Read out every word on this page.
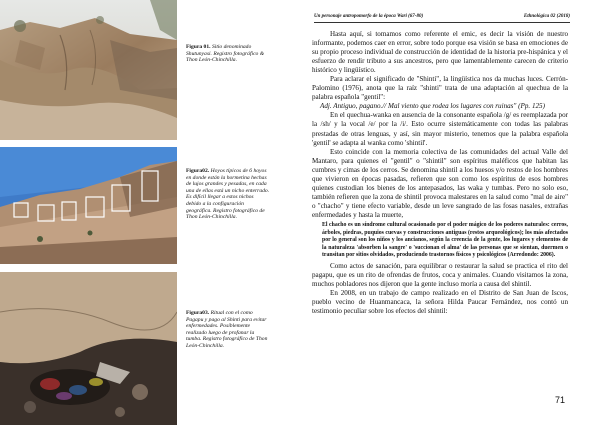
Un personaje antropomorfo de la época Wari (67-80)	Ethnológica 02 (2018)
Figura 01. Sitio denominado Shutunyasi. Registro fotográfico & Thon León-Chinchilla.
Figura02. Hoyos típicos de 6 hoyos en donde están la hormetina hechas de lujos grandes y pesadas, en cada una de ellas está un nicho enterrado. Es difícil llegar a estos nichos debido a la configuración geográfica. Registro fotográfico de Thon León-Chinchilla.
Figura03. Ritual con el como Pagapu y pago al Shinti para evitar enfermedades. Posiblemente realizado luego de profanar la tumba. Registro fotográfico de Thon León-Chinchilla.

Hasta aquí, si tomamos como referente el emic, es decir la visión de nuestro informante, podemos caer en error, sobre todo porque esa visión se basa en emociones de su propio proceso individual de construcción de identidad de la historia pre-hispánica y el esfuerzo de rendir tributo a sus ancestros, pero que lamentablemente carecen de criterio histórico y lingüístico.

Para aclarar el significado de "Shinti", la lingüística nos da muchas luces. Cerrón-Palomino (1976), anota que la raíz "shinti" trata de una adaptación al quechua de la palabra española "gentil":

Adj. Antiguo, pagano.// Mal viento que rodea los lugares con ruinas" (Pp. 125)

En el quechua-wanka en ausencia de la consonante española /g/ es reemplazada por la /sh/ y la vocal /e/ por la /i/. Esto ocurre sistemáticamente con todas las palabras prestadas de otras lenguas, y así, sin mayor misterio, tenemos que la palabra española 'gentil' se adapta al wanka como 'shintil'.

Esto coincide con la memoria colectiva de las comunidades del actual Valle del Mantaro, para quienes el "gentil" o "shintil" son espíritus maléficos que habitan las cumbres y cimas de los cerros. Se denomina shintil a los huesos y/o restos de los hombres que vivieron en épocas pasadas, refieren que son como los espíritus de esos hombres quienes custodian los bienes de los antepasados, las waka y tumbas. Pero no solo eso, también refieren que la zona de shintil provoca malestares en la salud como "mal de aire" o "chacho" y tiene efecto variable, desde un leve sangrado de las fosas nasales, extrañas enfermedades y hasta la muerte,

El chacho es un síndrome cultural ocasionado por el poder mágico de los poderes naturales: cerros, árboles, piedras, puquios cuevas y construcciones antiguas (restos arqueológicos); los más afectados por lo general son los niños y los ancianos, según la creencia de la gente, los lugares y elementos de la naturaleza 'absorben la sangre' o 'succionan el alma' de las personas que se sientan, duermen o transitan por sitios olvidados, produciendo trastornos físicos y psicológicos (Arredondo: 2006).

Como actos de sanación, para equilibrar o restaurar la salud se practica el rito del pagapu, que es un rito de ofrendas de frutos, coca y animales. Cuando visitamos la zona, muchos pobladores nos dijeron que la gente incluso moría a causa del shintil.

En 2008, en un trabajo de campo realizado en el Distrito de San Juan de Iscos, pueblo vecino de Huanmancaca, la señora Hilda Paucar Fernández, nos contó un testimonio peculiar sobre los efectos del shintil:

71
